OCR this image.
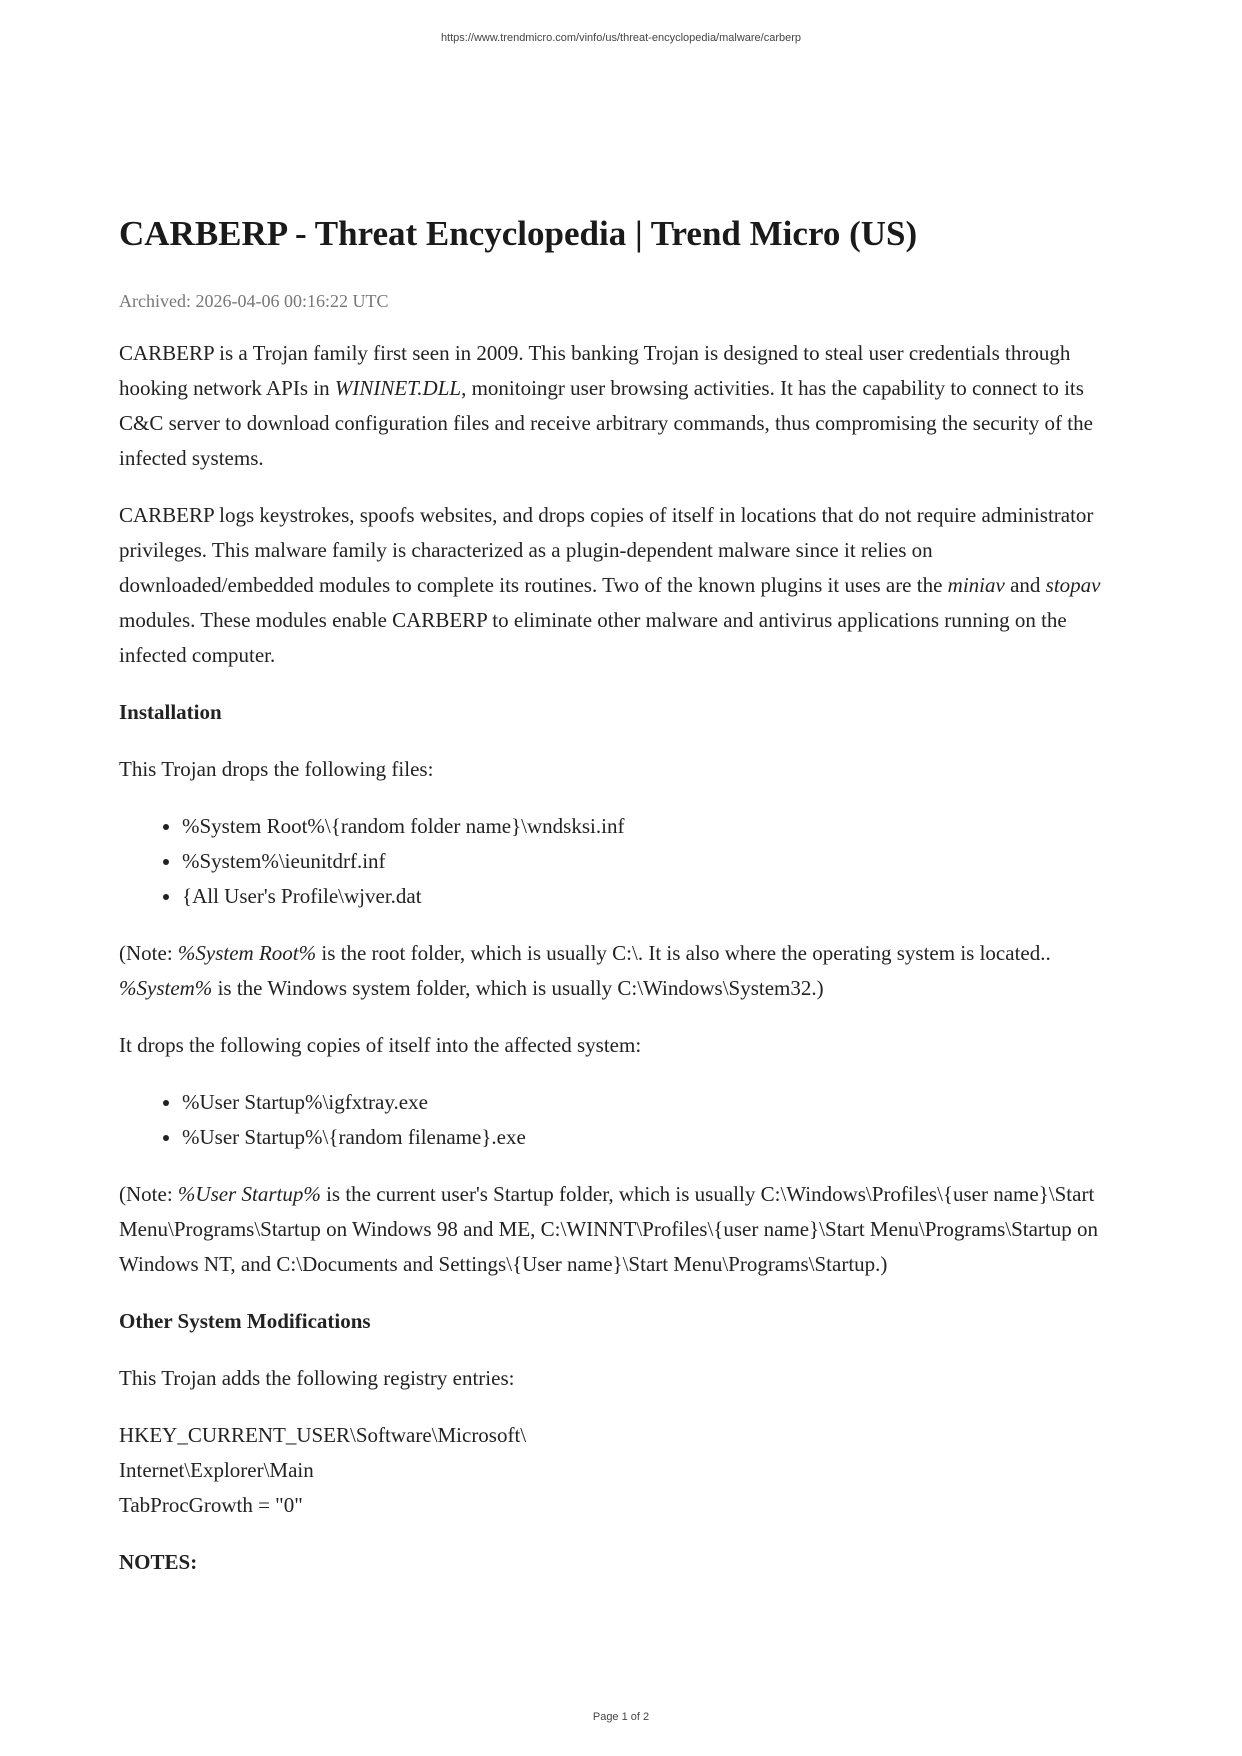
https://www.trendmicro.com/vinfo/us/threat-encyclopedia/malware/carberp
CARBERP - Threat Encyclopedia | Trend Micro (US)
Archived: 2026-04-06 00:16:22 UTC

CARBERP is a Trojan family first seen in 2009. This banking Trojan is designed to steal user credentials through hooking network APIs in WININET.DLL, monitoingr user browsing activities. It has the capability to connect to its C&C server to download configuration files and receive arbitrary commands, thus compromising the security of the infected systems.

CARBERP logs keystrokes, spoofs websites, and drops copies of itself in locations that do not require administrator privileges. This malware family is characterized as a plugin-dependent malware since it relies on downloaded/embedded modules to complete its routines. Two of the known plugins it uses are the miniav and stopav modules. These modules enable CARBERP to eliminate other malware and antivirus applications running on the infected computer.

Installation

This Trojan drops the following files:

• %System Root%\{random folder name}\wndsksi.inf
• %System%\ieunitdrf.inf
• {All User's Profile\wjver.dat

(Note: %System Root% is the root folder, which is usually C:\. It is also where the operating system is located.. %System% is the Windows system folder, which is usually C:\Windows\System32.)

It drops the following copies of itself into the affected system:

• %User Startup%\igfxtray.exe
• %User Startup%\{random filename}.exe

(Note: %User Startup% is the current user's Startup folder, which is usually C:\Windows\Profiles\{user name}\Start Menu\Programs\Startup on Windows 98 and ME, C:\WINNT\Profiles\{user name}\Start Menu\Programs\Startup on Windows NT, and C:\Documents and Settings\{User name}\Start Menu\Programs\Startup.)

Other System Modifications

This Trojan adds the following registry entries:

HKEY_CURRENT_USER\Software\Microsoft\
Internet\Explorer\Main
TabProcGrowth = "0"

NOTES:

Page 1 of 2
